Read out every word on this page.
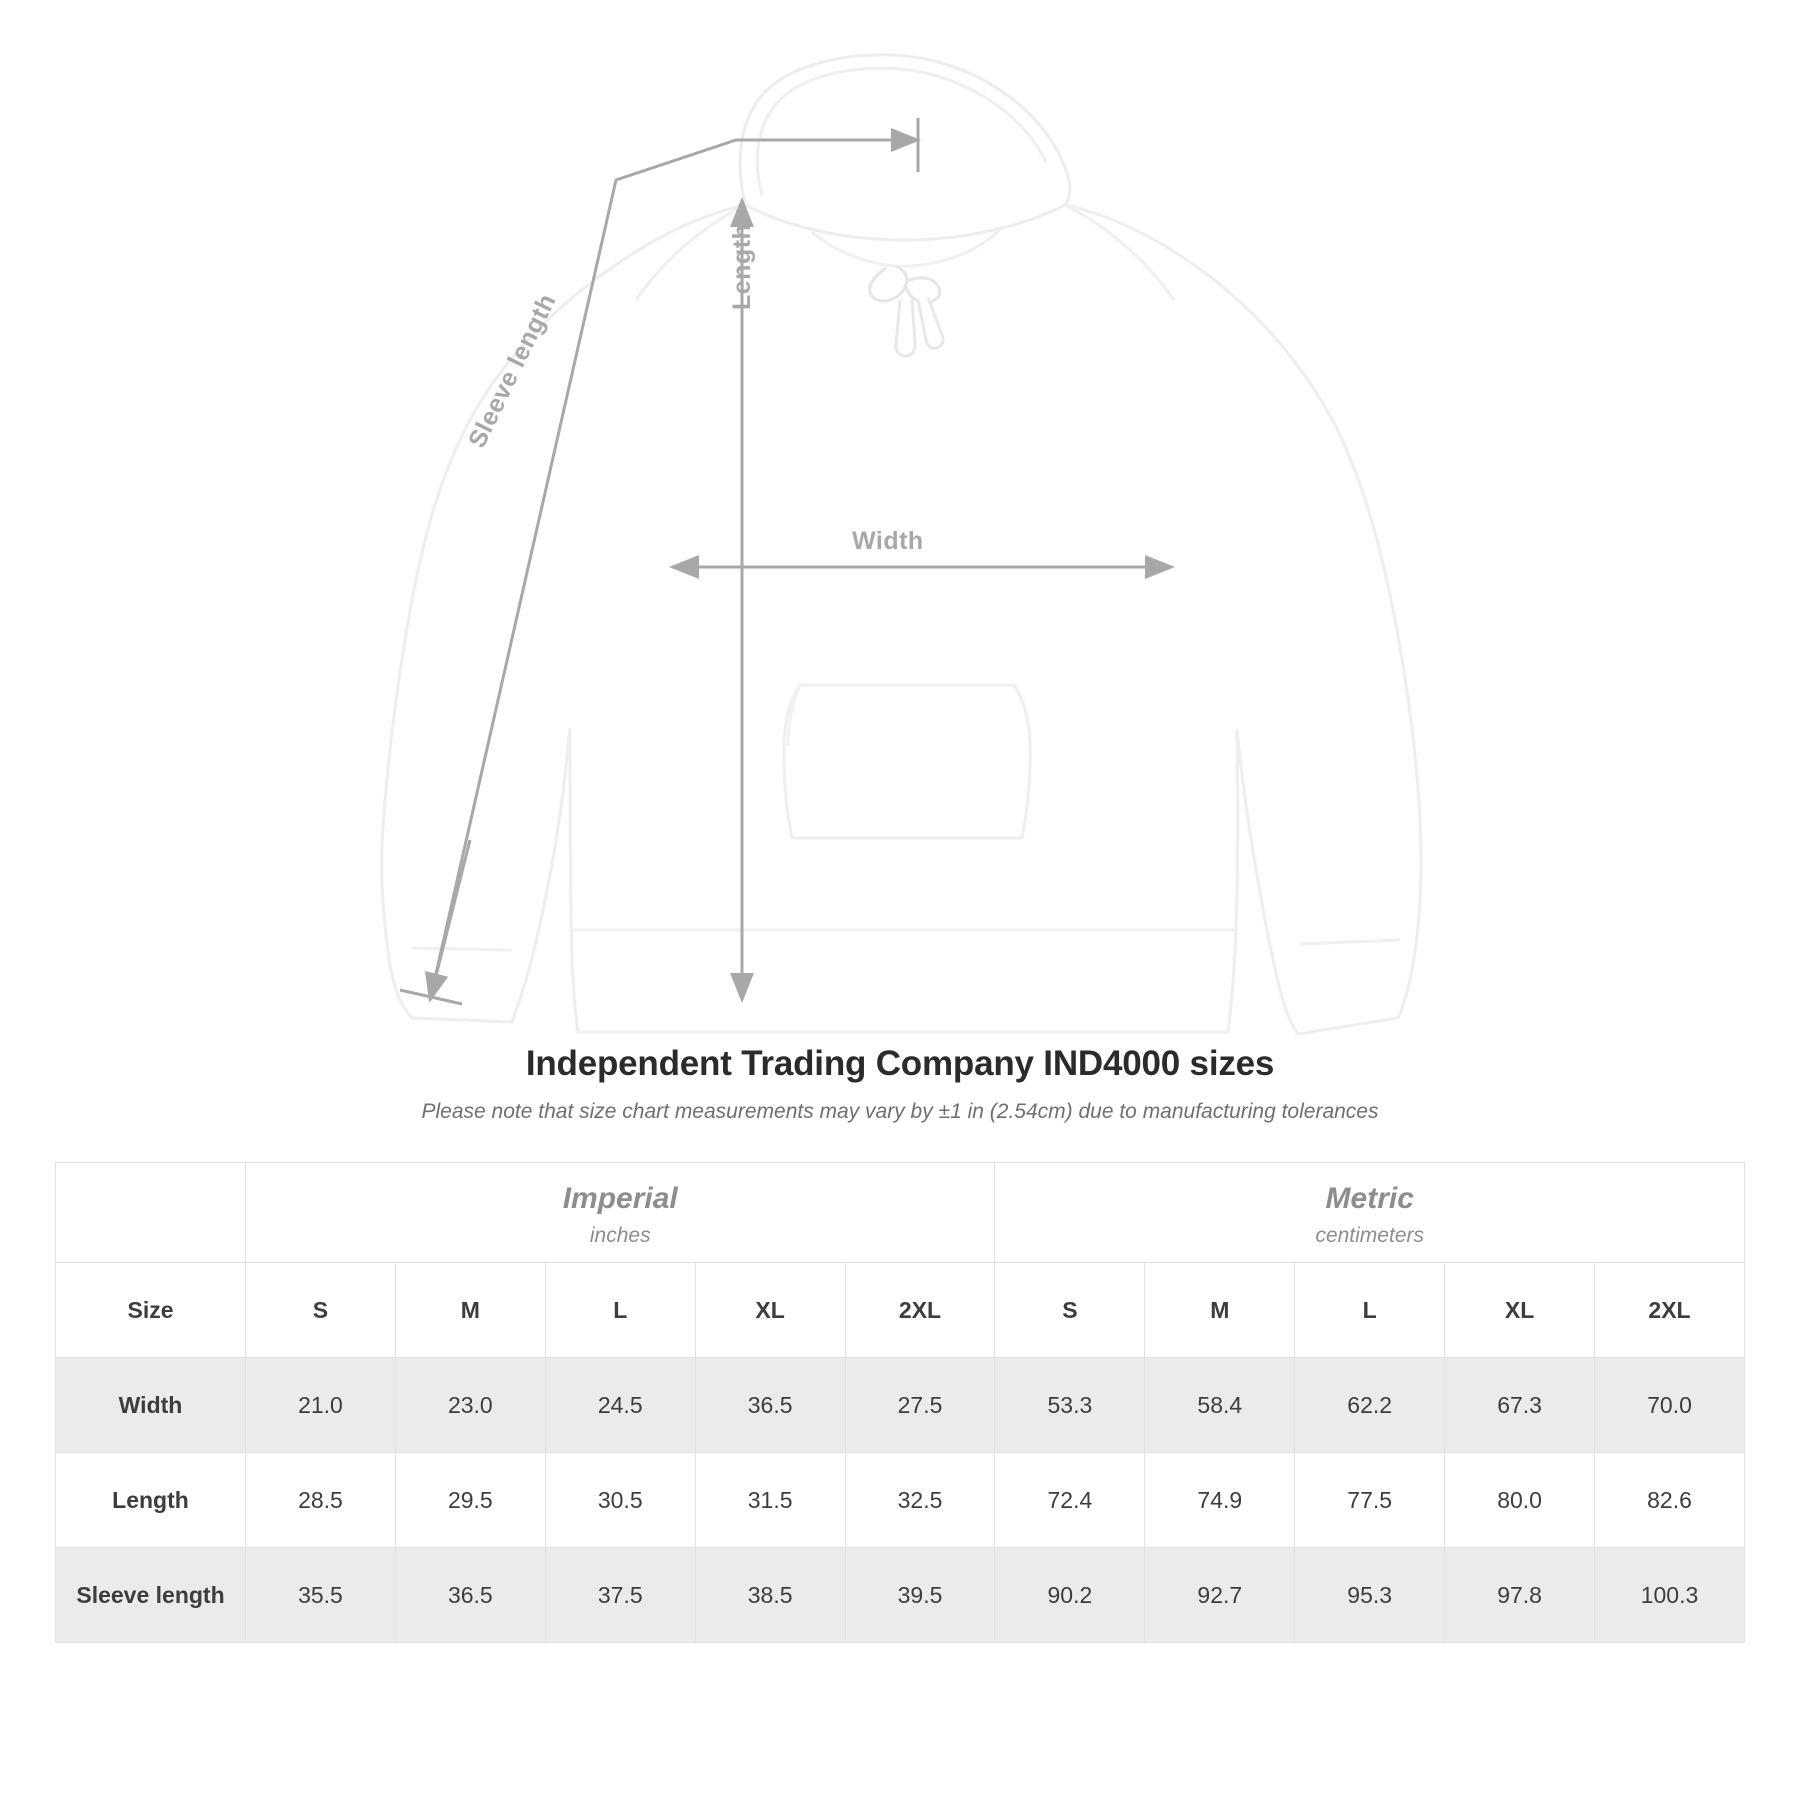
Width
Length
Sleeve length
Independent Trading Company IND4000 sizes
Please note that size chart measurements may vary by ±1 in (2.54cm) due to manufacturing tolerances

	Imperial
inches					Metric
centimeters				

Size	S	M	L	XL	2XL	S	M	L	XL	2XL
Width	21.0	23.0	24.5	36.5	27.5	53.3	58.4	62.2	67.3	70.0
Length	28.5	29.5	30.5	31.5	32.5	72.4	74.9	77.5	80.0	82.6
Sleeve length	35.5	36.5	37.5	38.5	39.5	90.2	92.7	95.3	97.8	100.3
